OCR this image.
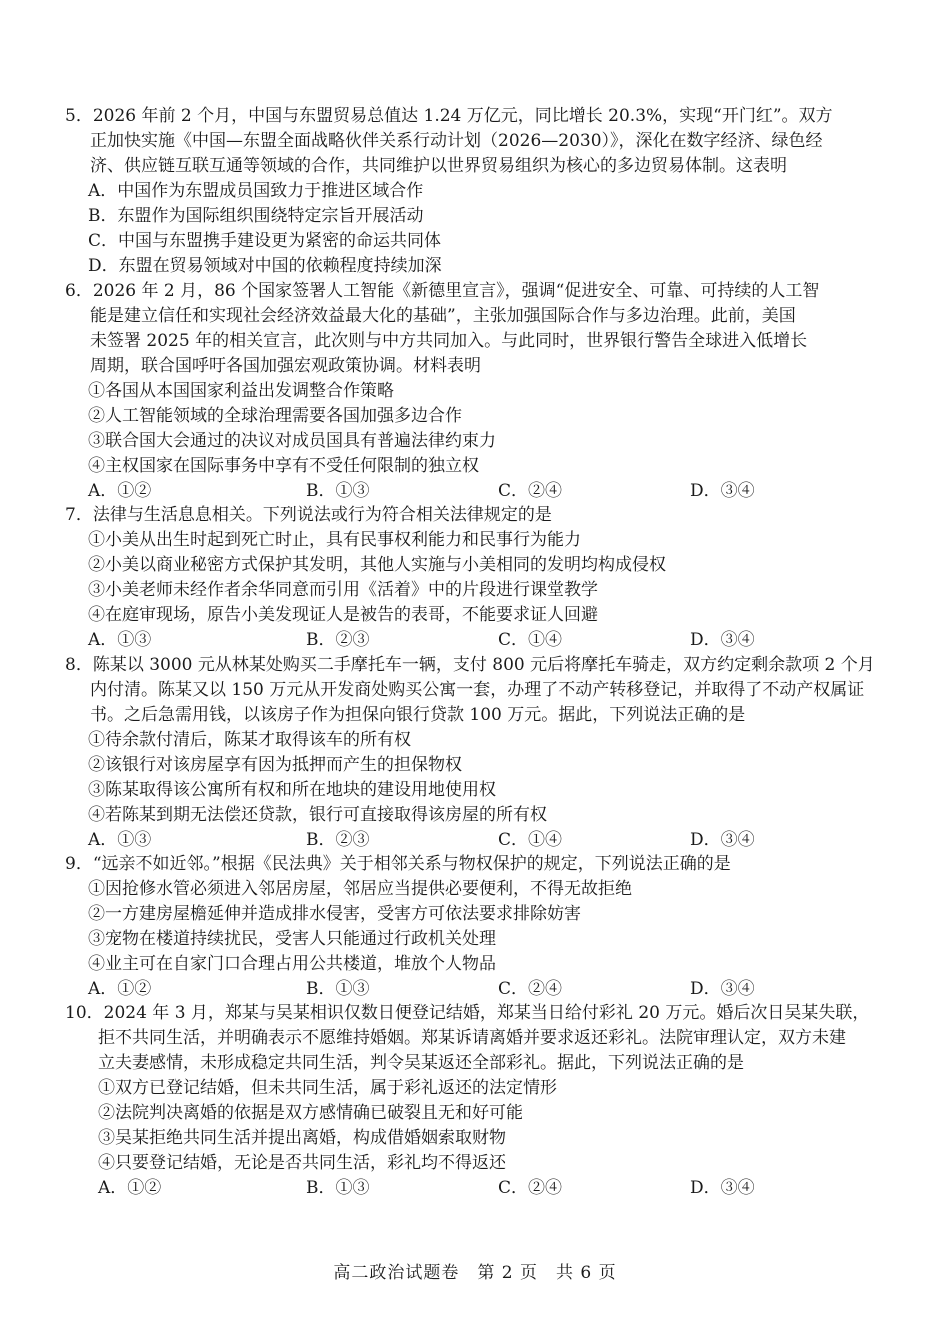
5．2026 年前 2 个月，中国与东盟贸易总值达 1.24 万亿元，同比增长 20.3%，实现“开门红”。双方
正加快实施《中国—东盟全面战略伙伴关系行动计划（2026—2030）》，深化在数字经济、绿色经
济、供应链互联互通等领域的合作，共同维护以世界贸易组织为核心的多边贸易体制。这表明
A．中国作为东盟成员国致力于推进区域合作
B．东盟作为国际组织围绕特定宗旨开展活动
C．中国与东盟携手建设更为紧密的命运共同体
D．东盟在贸易领域对中国的依赖程度持续加深
6．2026 年 2 月，86 个国家签署人工智能《新德里宣言》，强调“促进安全、可靠、可持续的人工智
能是建立信任和实现社会经济效益最大化的基础”，主张加强国际合作与多边治理。此前，美国
未签署 2025 年的相关宣言，此次则与中方共同加入。与此同时，世界银行警告全球进入低增长
周期，联合国呼吁各国加强宏观政策协调。材料表明
①各国从本国国家利益出发调整合作策略
②人工智能领域的全球治理需要各国加强多边合作
③联合国大会通过的决议对成员国具有普遍法律约束力
④主权国家在国际事务中享有不受任何限制的独立权
A．①②	B．①③	C．②④	D．③④
7．法律与生活息息相关。下列说法或行为符合相关法律规定的是
①小美从出生时起到死亡时止，具有民事权利能力和民事行为能力
②小美以商业秘密方式保护其发明，其他人实施与小美相同的发明均构成侵权
③小美老师未经作者余华同意而引用《活着》中的片段进行课堂教学
④在庭审现场，原告小美发现证人是被告的表哥，不能要求证人回避
A．①③	B．②③	C．①④	D．③④
8．陈某以 3000 元从林某处购买二手摩托车一辆，支付 800 元后将摩托车骑走，双方约定剩余款项 2 个月
内付清。陈某又以 150 万元从开发商处购买公寓一套，办理了不动产转移登记，并取得了不动产权属证
书。之后急需用钱，以该房子作为担保向银行贷款 100 万元。据此，下列说法正确的是
①待余款付清后，陈某才取得该车的所有权
②该银行对该房屋享有因为抵押而产生的担保物权
③陈某取得该公寓所有权和所在地块的建设用地使用权
④若陈某到期无法偿还贷款，银行可直接取得该房屋的所有权
A．①③	B．②③	C．①④	D．③④
9．“远亲不如近邻。”根据《民法典》关于相邻关系与物权保护的规定，下列说法正确的是
①因抢修水管必须进入邻居房屋，邻居应当提供必要便利，不得无故拒绝
②一方建房屋檐延伸并造成排水侵害，受害方可依法要求排除妨害
③宠物在楼道持续扰民，受害人只能通过行政机关处理
④业主可在自家门口合理占用公共楼道，堆放个人物品
A．①②	B．①③	C．②④	D．③④
10．2024 年 3 月，郑某与吴某相识仅数日便登记结婚，郑某当日给付彩礼 20 万元。婚后次日吴某失联，
拒不共同生活，并明确表示不愿维持婚姻。郑某诉请离婚并要求返还彩礼。法院审理认定，双方未建
立夫妻感情，未形成稳定共同生活，判令吴某返还全部彩礼。据此，下列说法正确的是
①双方已登记结婚，但未共同生活，属于彩礼返还的法定情形
②法院判决离婚的依据是双方感情确已破裂且无和好可能
③吴某拒绝共同生活并提出离婚，构成借婚姻索取财物
④只要登记结婚，无论是否共同生活，彩礼均不得返还
A．①②	B．①③	C．②④	D．③④
高二政治试题卷　第 2 页　共 6 页
